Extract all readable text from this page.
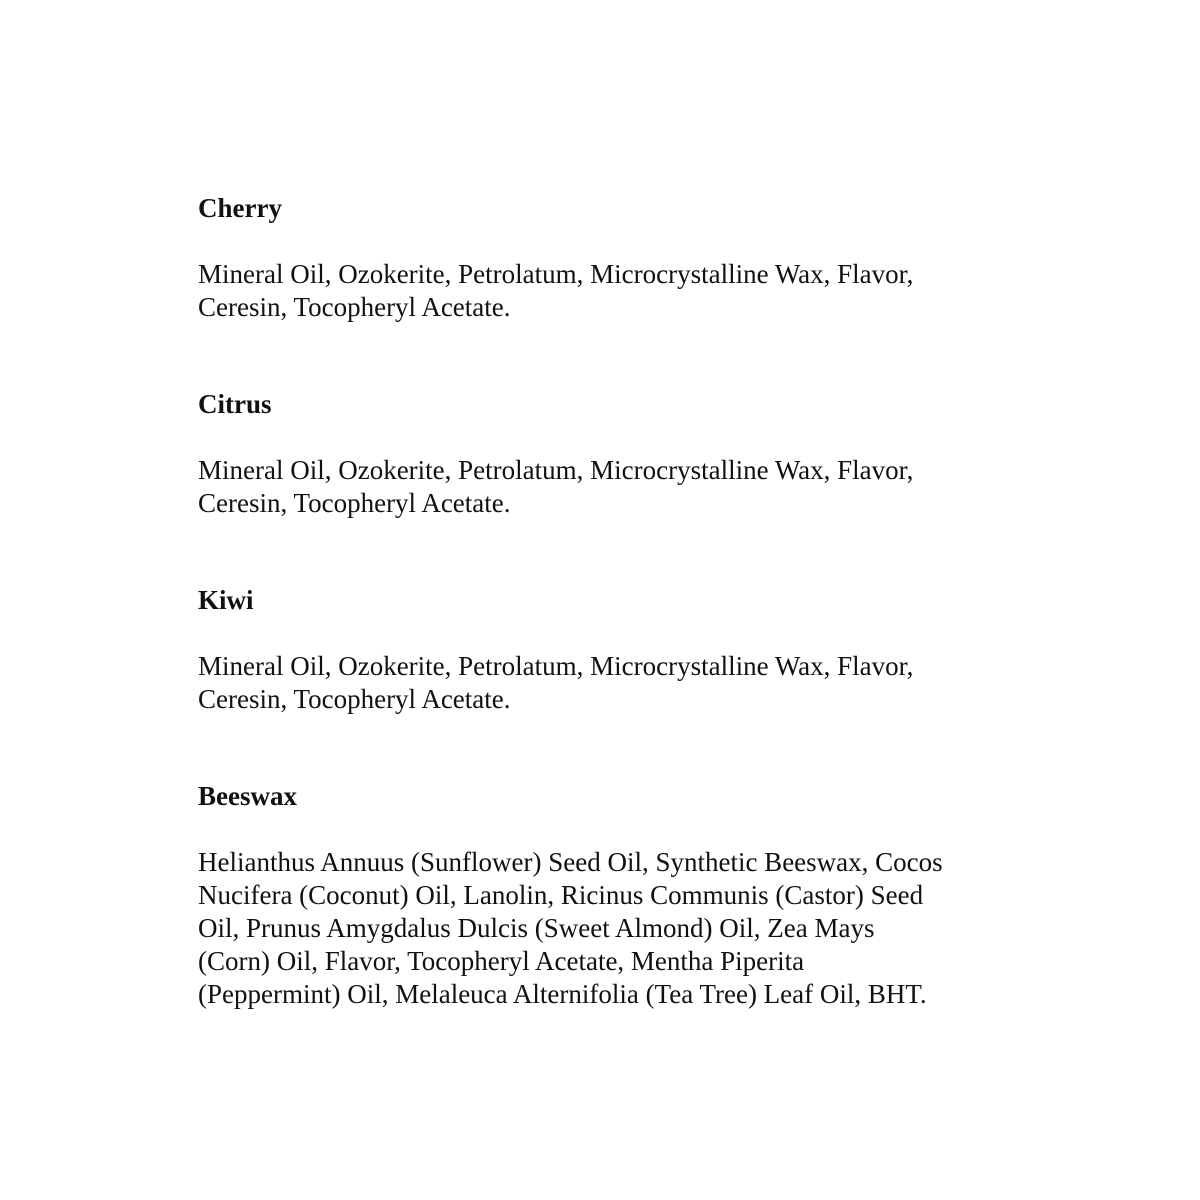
Cherry

Mineral Oil, Ozokerite, Petrolatum, Microcrystalline Wax, Flavor,
Ceresin, Tocopheryl Acetate.

Citrus

Mineral Oil, Ozokerite, Petrolatum, Microcrystalline Wax, Flavor,
Ceresin, Tocopheryl Acetate.

Kiwi

Mineral Oil, Ozokerite, Petrolatum, Microcrystalline Wax, Flavor,
Ceresin, Tocopheryl Acetate.

Beeswax

Helianthus Annuus (Sunflower) Seed Oil, Synthetic Beeswax, Cocos
Nucifera (Coconut) Oil, Lanolin, Ricinus Communis (Castor) Seed
Oil, Prunus Amygdalus Dulcis (Sweet Almond) Oil, Zea Mays
(Corn) Oil, Flavor, Tocopheryl Acetate, Mentha Piperita
(Peppermint) Oil, Melaleuca Alternifolia (Tea Tree) Leaf Oil, BHT.
